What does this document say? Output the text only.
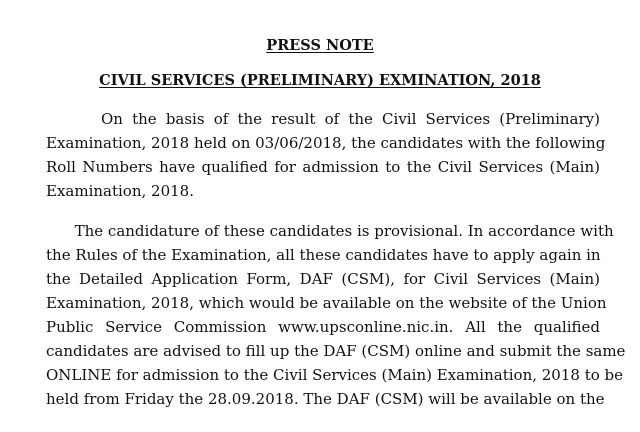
PRESS NOTE
CIVIL SERVICES (PRELIMINARY) EXMINATION, 2018
On the basis of the result of the Civil Services (Preliminary)
Examination, 2018 held on 03/06/2018, the candidates with the following
Roll Numbers have qualified for admission to the Civil Services (Main)
Examination, 2018.
The candidature of these candidates is provisional. In accordance with
the Rules of the Examination, all these candidates have to apply again in
the Detailed Application Form, DAF (CSM), for Civil Services (Main)
Examination, 2018, which would be available on the website of the Union
Public Service Commission www.upsconline.nic.in. All the qualified
candidates are advised to fill up the DAF (CSM) online and submit the same
ONLINE for admission to the Civil Services (Main) Examination, 2018 to be
held from Friday the 28.09.2018. The DAF (CSM) will be available on the
